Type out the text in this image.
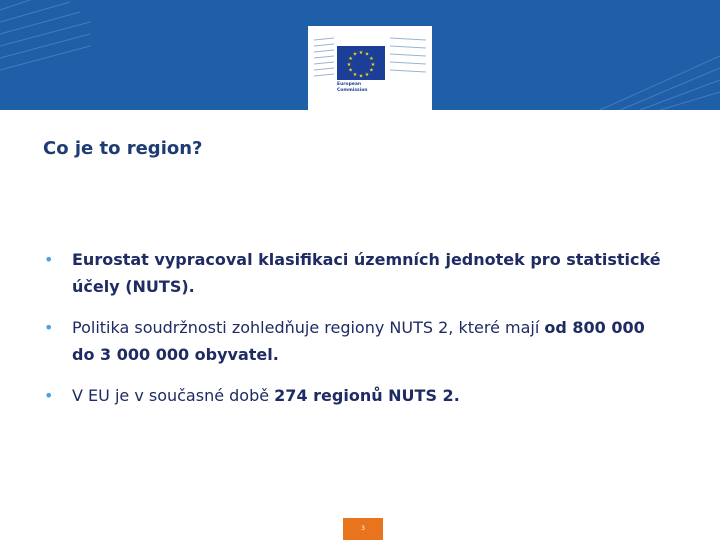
★ ★
★
★
★
★
★
★
★
★
★
★
European
Commission
Co je to region?
• Eurostat vypracoval klasifikaci územních jednotek pro statistické účely (NUTS).
• Politika soudržnosti zohledňuje regiony NUTS 2, které mají od 800 000 do 3 000 000 obyvatel.
• V EU je v současné době 274 regionů NUTS 2.
3
